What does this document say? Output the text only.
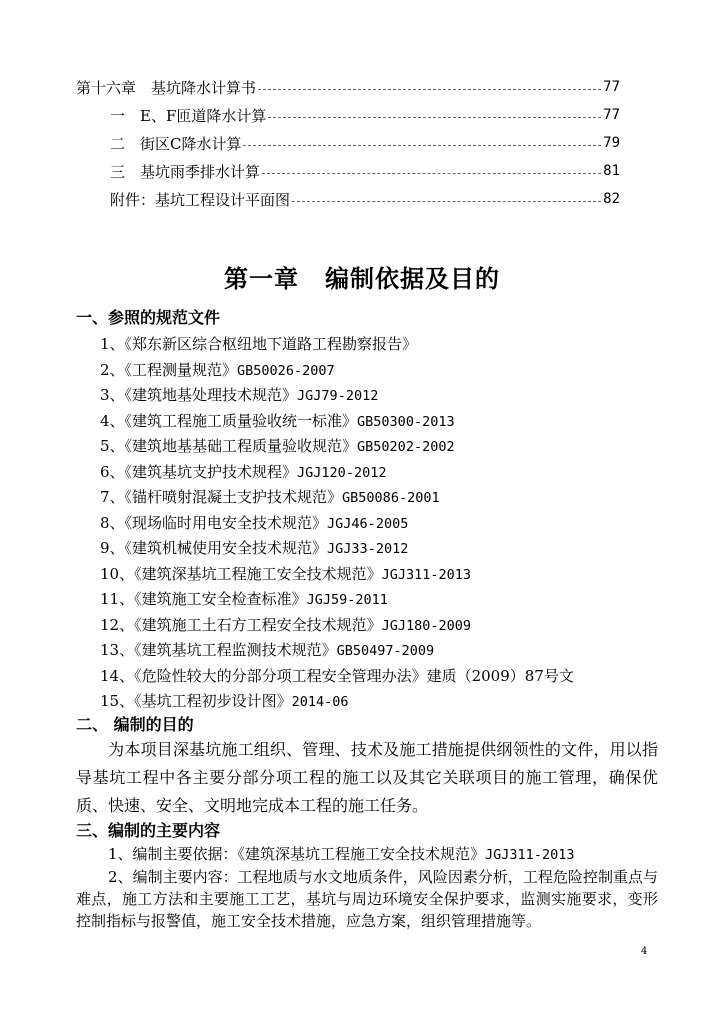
第十六章　基坑降水计算书	77
一　E、F匝道降水计算	77
二　街区C降水计算	79
三　基坑雨季排水计算	81
附件：基坑工程设计平面图	82
第一章 编制依据及目的
一、参照的规范文件
1、《郑东新区综合枢纽地下道路工程勘察报告》
2、《工程测量规范》GB50026-2007
3、《建筑地基处理技术规范》JGJ79-2012
4、《建筑工程施工质量验收统一标准》GB50300-2013
5、《建筑地基基础工程质量验收规范》GB50202-2002
6、《建筑基坑支护技术规程》JGJ120-2012
7、《锚杆喷射混凝土支护技术规范》GB50086-2001
8、《现场临时用电安全技术规范》JGJ46-2005
9、《建筑机械使用安全技术规范》JGJ33-2012
10、《建筑深基坑工程施工安全技术规范》JGJ311-2013
11、《建筑施工安全检查标准》JGJ59-2011
12、《建筑施工土石方工程安全技术规范》JGJ180-2009
13、《建筑基坑工程监测技术规范》GB50497-2009
14、《危险性较大的分部分项工程安全管理办法》建质（2009）87号文
15、《基坑工程初步设计图》2014-06
二、 编制的目的
为本项目深基坑施工组织、管理、技术及施工措施提供纲领性的文件，用以指导基坑工程中各主要分部分项工程的施工以及其它关联项目的施工管理，确保优质、快速、安全、文明地完成本工程的施工任务。
三、编制的主要内容

1、编制主要依据：《建筑深基坑工程施工安全技术规范》JGJ311-2013

2、编制主要内容：工程地质与水文地质条件，风险因素分析，工程危险控制重点与难点，施工方法和主要施工工艺，基坑与周边环境安全保护要求，监测实施要求，变形控制指标与报警值，施工安全技术措施，应急方案，组织管理措施等。

4
